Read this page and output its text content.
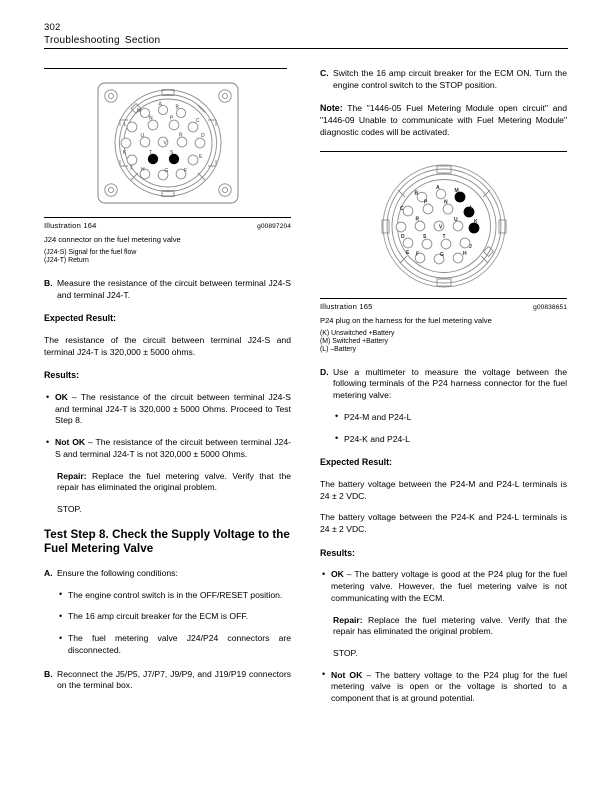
302
Troubleshooting Section
M
A	B
L
N	P	C
K
U
V
R	D
J
T	S
E
H	G	F
Illustration 164	g00897204
J24 connector on the fuel metering valve
(J24-S) Signal for the fuel flow
(J24-T) Return
B. Measure the resistance of the circuit between terminal J24-S and terminal J24-T.
Expected Result:
The resistance of the circuit between terminal J24-S and terminal J24-T is 320,000 ± 5000 ohms.
Results:
• OK – The resistance of the circuit between terminal J24-S and terminal J24-T is 320,000 ± 5000 Ohms. Proceed to Test Step 8.
• Not OK – The resistance of the circuit between terminal J24-S and terminal J24-T is not 320,000 ± 5000 Ohms.
Repair: Replace the fuel metering valve. Verify that the repair has eliminated the original problem.
STOP.
Test Step 8. Check the Supply Voltage to the Fuel Metering Valve
A. Ensure the following conditions:
• The engine control switch is in the OFF/RESET position.
• The 16 amp circuit breaker for the ECM is OFF.
• The fuel metering valve J24/P24 connectors are disconnected.
B. Reconnect the J5/P5, J7/P7, J9/P9, and J19/P19 connectors on the terminal box.
C. Switch the 16 amp circuit breaker for the ECM ON. Turn the engine control switch to the STOP position.
Note: The "1446-05 Fuel Metering Module open circuit" and "1446-09 Unable to communicate with Fuel Metering Module" diagnostic codes will be activated.
B
A	M
C
P	N
L
D
R
V
U	K
E
S	T
J
F	G	H
Illustration 165	g00838651
P24 plug on the harness for the fuel metering valve
(K) Unswitched +Battery
(M) Switched +Battery
(L) –Battery
D. Use a multimeter to measure the voltage between the following terminals of the P24 harness connector for the fuel metering valve:
• P24-M and P24-L
• P24-K and P24-L
Expected Result:
The battery voltage between the P24-M and P24-L terminals is 24 ± 2 VDC.
The battery voltage between the P24-K and P24-L terminals is 24 ± 2 VDC.
Results:
• OK – The battery voltage is good at the P24 plug for the fuel metering valve. However, the fuel metering valve is not communicating with the ECM.
Repair: Replace the fuel metering valve. Verify that the repair has eliminated the original problem.
STOP.
• Not OK – The battery voltage to the P24 plug for the fuel metering valve is open or the voltage is shorted to a component that is at ground potential.
